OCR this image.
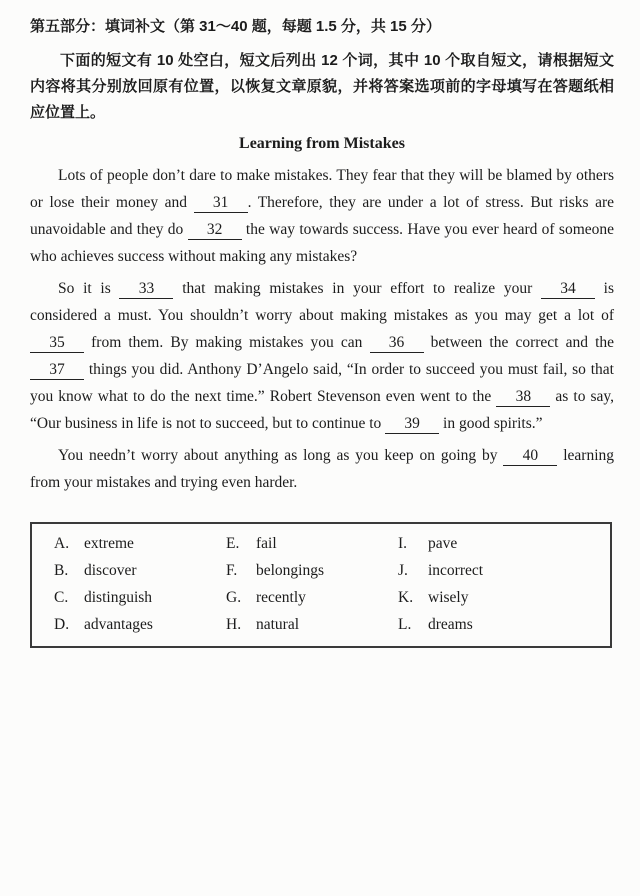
第五部分：填词补文（第 31～40 题，每题 1.5 分，共 15 分）

下面的短文有 10 处空白，短文后列出 12 个词，其中 10 个取自短文，请根据短文内容将其分别放回原有位置，以恢复文章原貌，并将答案选项前的字母填写在答题纸相应位置上。

Learning from Mistakes

Lots of people don’t dare to make mistakes. They fear that they will be blamed by others or lose their money and 31 . Therefore, they are under a lot of stress. But risks are unavoidable and they do 32 the way towards success. Have you ever heard of someone who achieves success without making any mistakes?

So it is 33 that making mistakes in your effort to realize your 34 is considered a must. You shouldn’t worry about making mistakes as you may get a lot of 35 from them. By making mistakes you can 36 between the correct and the 37 things you did. Anthony D’Angelo said, “In order to succeed you must fail, so that you know what to do the next time.” Robert Stevenson even went to the 38 as to say, “Our business in life is not to succeed, but to continue to 39 in good spirits.”

You needn’t worry about anything as long as you keep on going by 40 learning from your mistakes and trying even harder.

A. extreme
B. discover
C. distinguish
D. advantages
E. fail
F. belongings
G. recently
H. natural
I. pave
J. incorrect
K. wisely
L. dreams
